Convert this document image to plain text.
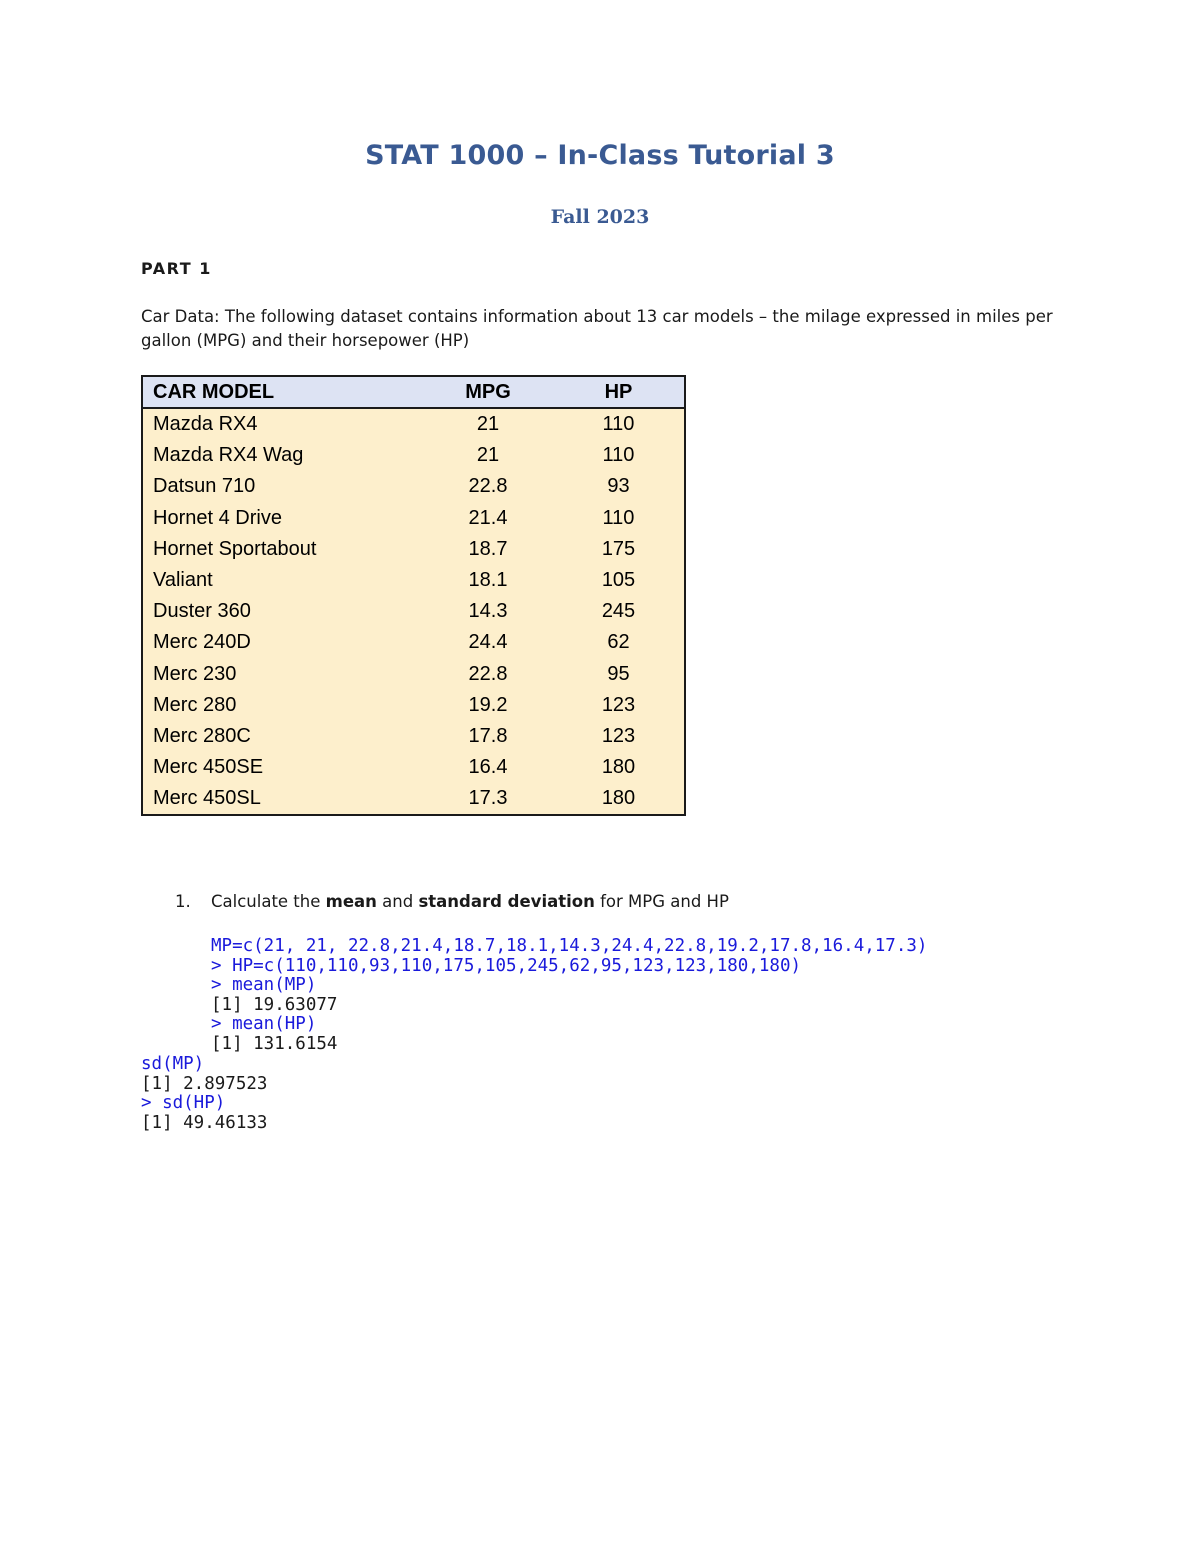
STAT 1000 – In-Class Tutorial 3
Fall 2023
PART 1
Car Data: The following dataset contains information about 13 car models – the milage expressed in miles per gallon (MPG) and their horsepower (HP)
CAR MODEL	MPG	HP
Mazda RX4	21	110
Mazda RX4 Wag	21	110
Datsun 710	22.8	93
Hornet 4 Drive	21.4	110
Hornet Sportabout	18.7	175
Valiant	18.1	105
Duster 360	14.3	245
Merc 240D	24.4	62
Merc 230	22.8	95
Merc 280	19.2	123
Merc 280C	17.8	123
Merc 450SE	16.4	180
Merc 450SL	17.3	180
1. Calculate the mean and standard deviation for MPG and HP
MP=c(21, 21, 22.8,21.4,18.7,18.1,14.3,24.4,22.8,19.2,17.8,16.4,17.3)
> HP=c(110,110,93,110,175,105,245,62,95,123,123,180,180)
> mean(MP)
[1] 19.63077
> mean(HP)
[1] 131.6154
sd(MP)
[1] 2.897523
> sd(HP)
[1] 49.46133
